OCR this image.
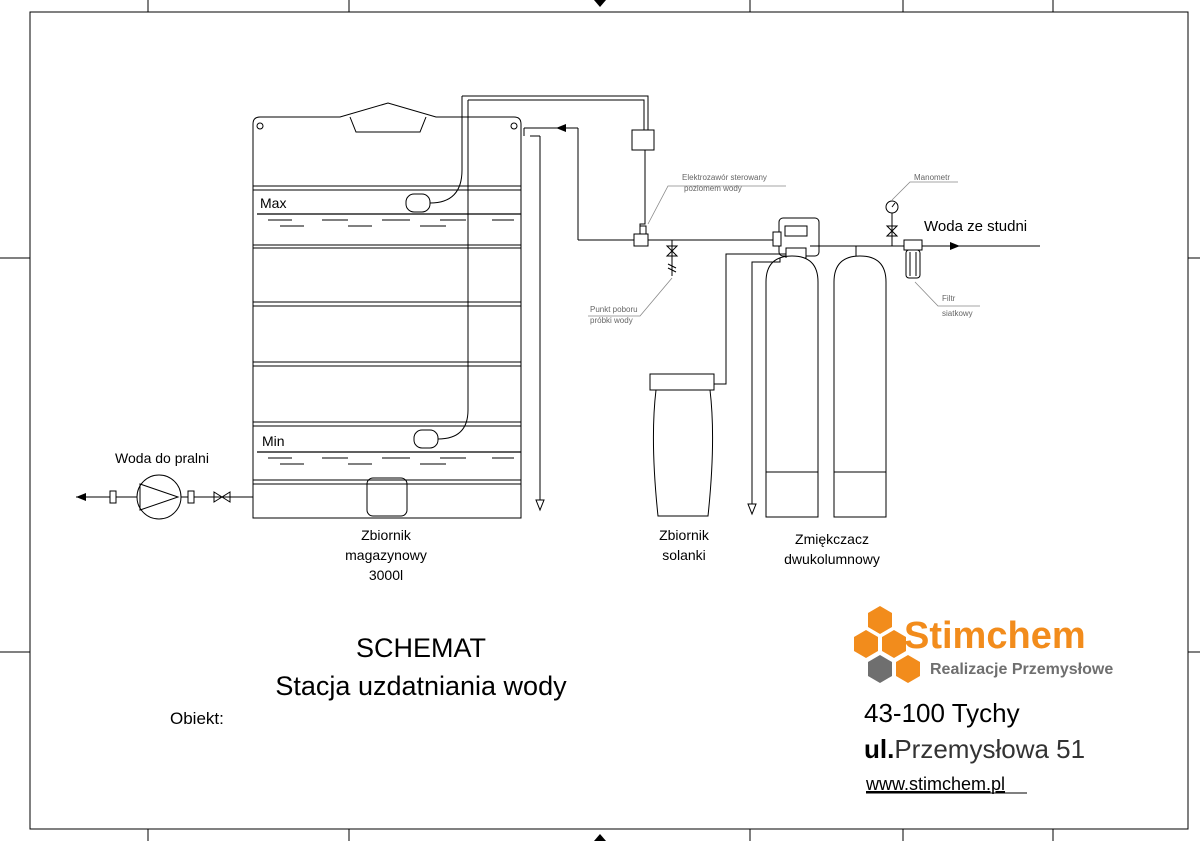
Max
Min
Woda do pralni
Woda ze studni
Zbiornik
magazynowy
3000l
Zbiornik
solanki
Zmiękczacz
dwukolumnowy
Elektrozawór sterowany
poziomem wody
Punkt poboru
próbki wody
Manometr
Filtr
siatkowy
SCHEMAT
Stacja uzdatniania wody
Obiekt:
Stimchem
Realizacje Przemysłowe
43-100 Tychy
ul.Przemysłowa 51
www.stimchem.pl
